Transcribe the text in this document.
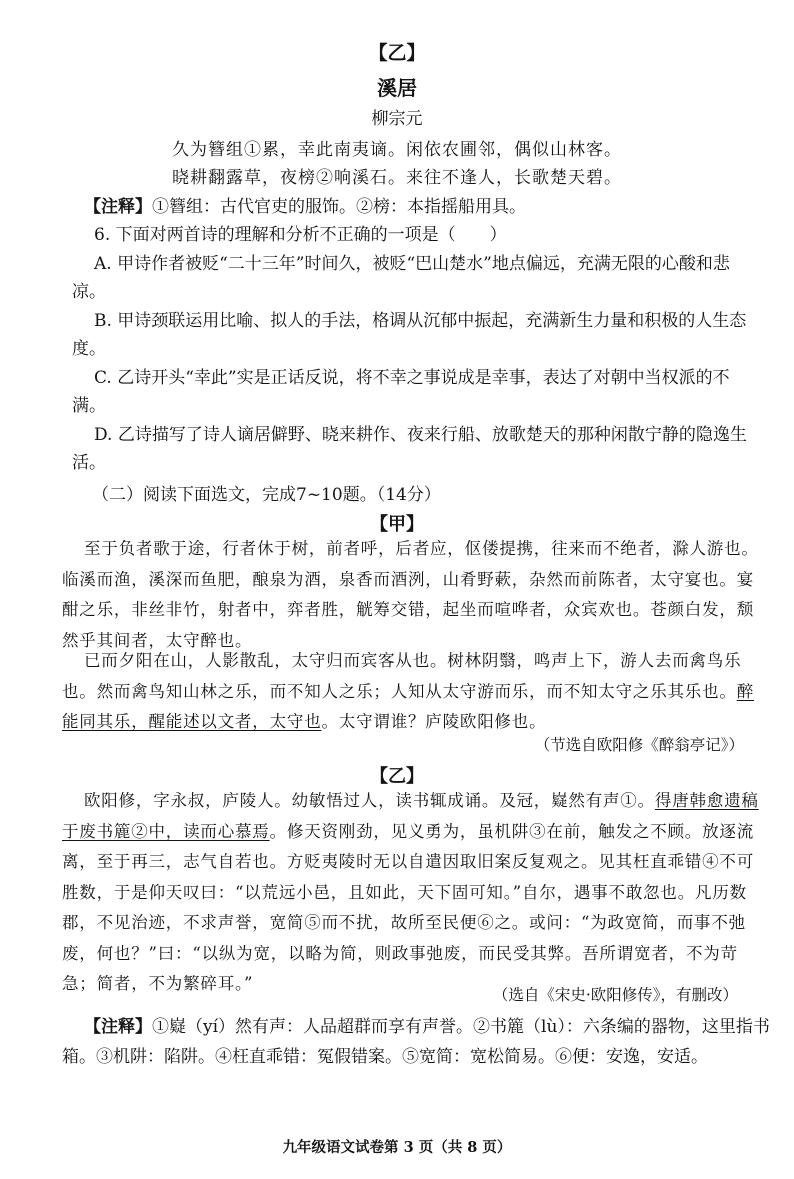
【乙】
溪居
柳宗元
久为簪组①累，幸此南夷谪。闲依农圃邻，偶似山林客。
晓耕翻露草，夜榜②响溪石。来往不逢人，长歌楚天碧。
【注释】①簪组：古代官吏的服饰。②榜：本指摇船用具。

6. 下面对两首诗的理解和分析不正确的一项是（　　）

A. 甲诗作者被贬“二十三年”时间久，被贬“巴山楚水”地点偏远，充满无限的心酸和悲凉。

B. 甲诗颈联运用比喻、拟人的手法，格调从沉郁中振起，充满新生力量和积极的人生态度。

C. 乙诗开头“幸此”实是正话反说，将不幸之事说成是幸事，表达了对朝中当权派的不满。

D. 乙诗描写了诗人谪居僻野、晓来耕作、夜来行船、放歌楚天的那种闲散宁静的隐逸生活。

（二）阅读下面选文，完成7~10题。（14分）
【甲】

至于负者歌于途，行者休于树，前者呼，后者应，伛偻提携，往来而不绝者，滁人游也。临溪而渔，溪深而鱼肥，酿泉为酒，泉香而酒洌，山肴野蔌，杂然而前陈者，太守宴也。宴酣之乐，非丝非竹，射者中，弈者胜，觥筹交错，起坐而喧哗者，众宾欢也。苍颜白发，颓然乎其间者，太守醉也。

已而夕阳在山，人影散乱，太守归而宾客从也。树林阴翳，鸣声上下，游人去而禽鸟乐也。然而禽鸟知山林之乐，而不知人之乐；人知从太守游而乐，而不知太守之乐其乐也。醉能同其乐，醒能述以文者，太守也。太守谓谁？庐陵欧阳修也。

（节选自欧阳修《醉翁亭记》）
【乙】

欧阳修，字永叔，庐陵人。幼敏悟过人，读书辄成诵。及冠，嶷然有声①。得唐韩愈遗稿于废书簏②中，读而心慕焉。修天资刚劲，见义勇为，虽机阱③在前，触发之不顾。放逐流离，至于再三，志气自若也。方贬夷陵时无以自遣因取旧案反复观之。见其枉直乖错④不可胜数，于是仰天叹曰：“以荒远小邑，且如此，天下固可知。”自尔，遇事不敢忽也。凡历数郡，不见治迹，不求声誉，宽简⑤而不扰，故所至民便⑥之。或问：“为政宽简，而事不弛废，何也？”曰：“以纵为宽，以略为简，则政事弛废，而民受其弊。吾所谓宽者，不为苛急；简者，不为繁碎耳。”

（选自《宋史·欧阳修传》，有删改）

【注释】①嶷（yí）然有声：人品超群而享有声誉。②书簏（lù）：六条编的器物，这里指书箱。③机阱：陷阱。④枉直乖错：冤假错案。⑤宽简：宽松简易。⑥便：安逸，安适。

九年级语文试卷第 3 页（共 8 页）
